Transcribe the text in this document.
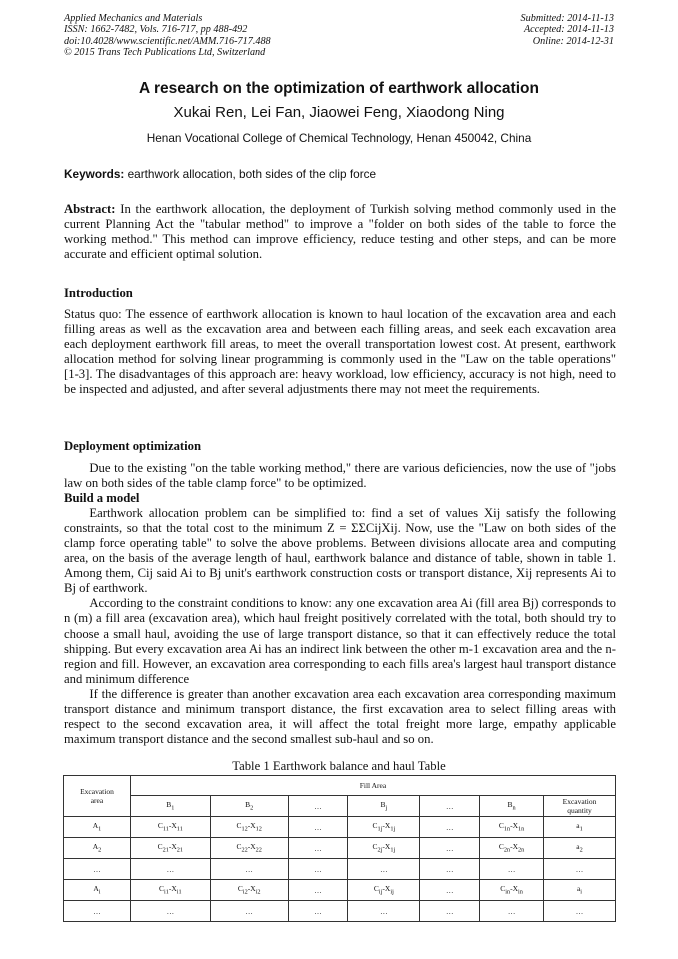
Applied Mechanics and Materials
ISSN: 1662-7482, Vols. 716-717, pp 488-492
doi:10.4028/www.scientific.net/AMM.716-717.488
© 2015 Trans Tech Publications Ltd, Switzerland
Submitted: 2014-11-13
Accepted: 2014-11-13
Online: 2014-12-31
A research on the optimization of earthwork allocation
Xukai Ren, Lei Fan, Jiaowei Feng, Xiaodong Ning
Henan Vocational College of Chemical Technology, Henan 450042, China
Keywords: earthwork allocation, both sides of the clip force
Abstract: In the earthwork allocation, the deployment of Turkish solving method commonly used in the current Planning Act the "tabular method" to improve a "folder on both sides of the table to force the working method." This method can improve efficiency, reduce testing and other steps, and can be more accurate and efficient optimal solution.
Introduction
Status quo: The essence of earthwork allocation is known to haul location of the excavation area and each filling areas as well as the excavation area and between each filling areas, and seek each excavation area each deployment earthwork fill areas, to meet the overall transportation lowest cost. At present, earthwork allocation method for solving linear programming is commonly used in the "Law on the table operations" [1-3]. The disadvantages of this approach are: heavy workload, low efficiency, accuracy is not high, need to be inspected and adjusted, and after several adjustments there may not meet the requirements.
Deployment optimization

Due to the existing "on the table working method," there are various deficiencies, now the use of "jobs law on both sides of the table clamp force" to be optimized.

Build a model

Earthwork allocation problem can be simplified to: find a set of values Xij satisfy the following constraints, so that the total cost to the minimum Z = ΣΣCijXij. Now, use the "Law on both sides of the clamp force operating table" to solve the above problems. Between divisions allocate area and computing area, on the basis of the average length of haul, earthwork balance and distance of table, shown in table 1. Among them, Cij said Ai to Bj unit's earthwork construction costs or transport distance, Xij represents Ai to Bj of earthwork.

According to the constraint conditions to know: any one excavation area Ai (fill area Bj) corresponds to n (m) a fill area (excavation area), which haul freight positively correlated with the total, both should try to choose a small haul, avoiding the use of large transport distance, so that it can effectively reduce the total shipping. But every excavation area Ai has an indirect link between the other m-1 excavation area and the n-region and fill. However, an excavation area corresponding to each fills area's largest haul transport distance and minimum difference

If the difference is greater than another excavation area each excavation area corresponding maximum transport distance and minimum transport distance, the first excavation area to select filling areas with respect to the second excavation area, it will affect the total freight more large, empathy applicable maximum transport distance and the second smallest sub-haul and so on.

Table 1 Earthwork balance and haul Table
Excavation
area	Fill Area						
	$B_1$	$B_2$	…	$B_j$	…	$B_n$	Excavation
quantity
$A_1$	$C_{11}-X_{11}$	$C_{12}-X_{12}$	…	$C_{1j}-X_{1j}$	…	$C_{1n}-X_{1n}$	$a_1$
$A_2$	$C_{21}-X_{21}$	$C_{22}-X_{22}$	…	$C_{2j}-X_{1j}$	…	$C_{2n}-X_{2n}$	$a_2$
…	…	…	…	…	…	…	…
$A_i$	$C_{i1}-X_{i1}$	$C_{i2}-X_{i2}$	…	$C_{ij}-X_{ij}$	…	$C_{in}-X_{in}$	$a_i$
…	…	…	…	…	…	…	…
